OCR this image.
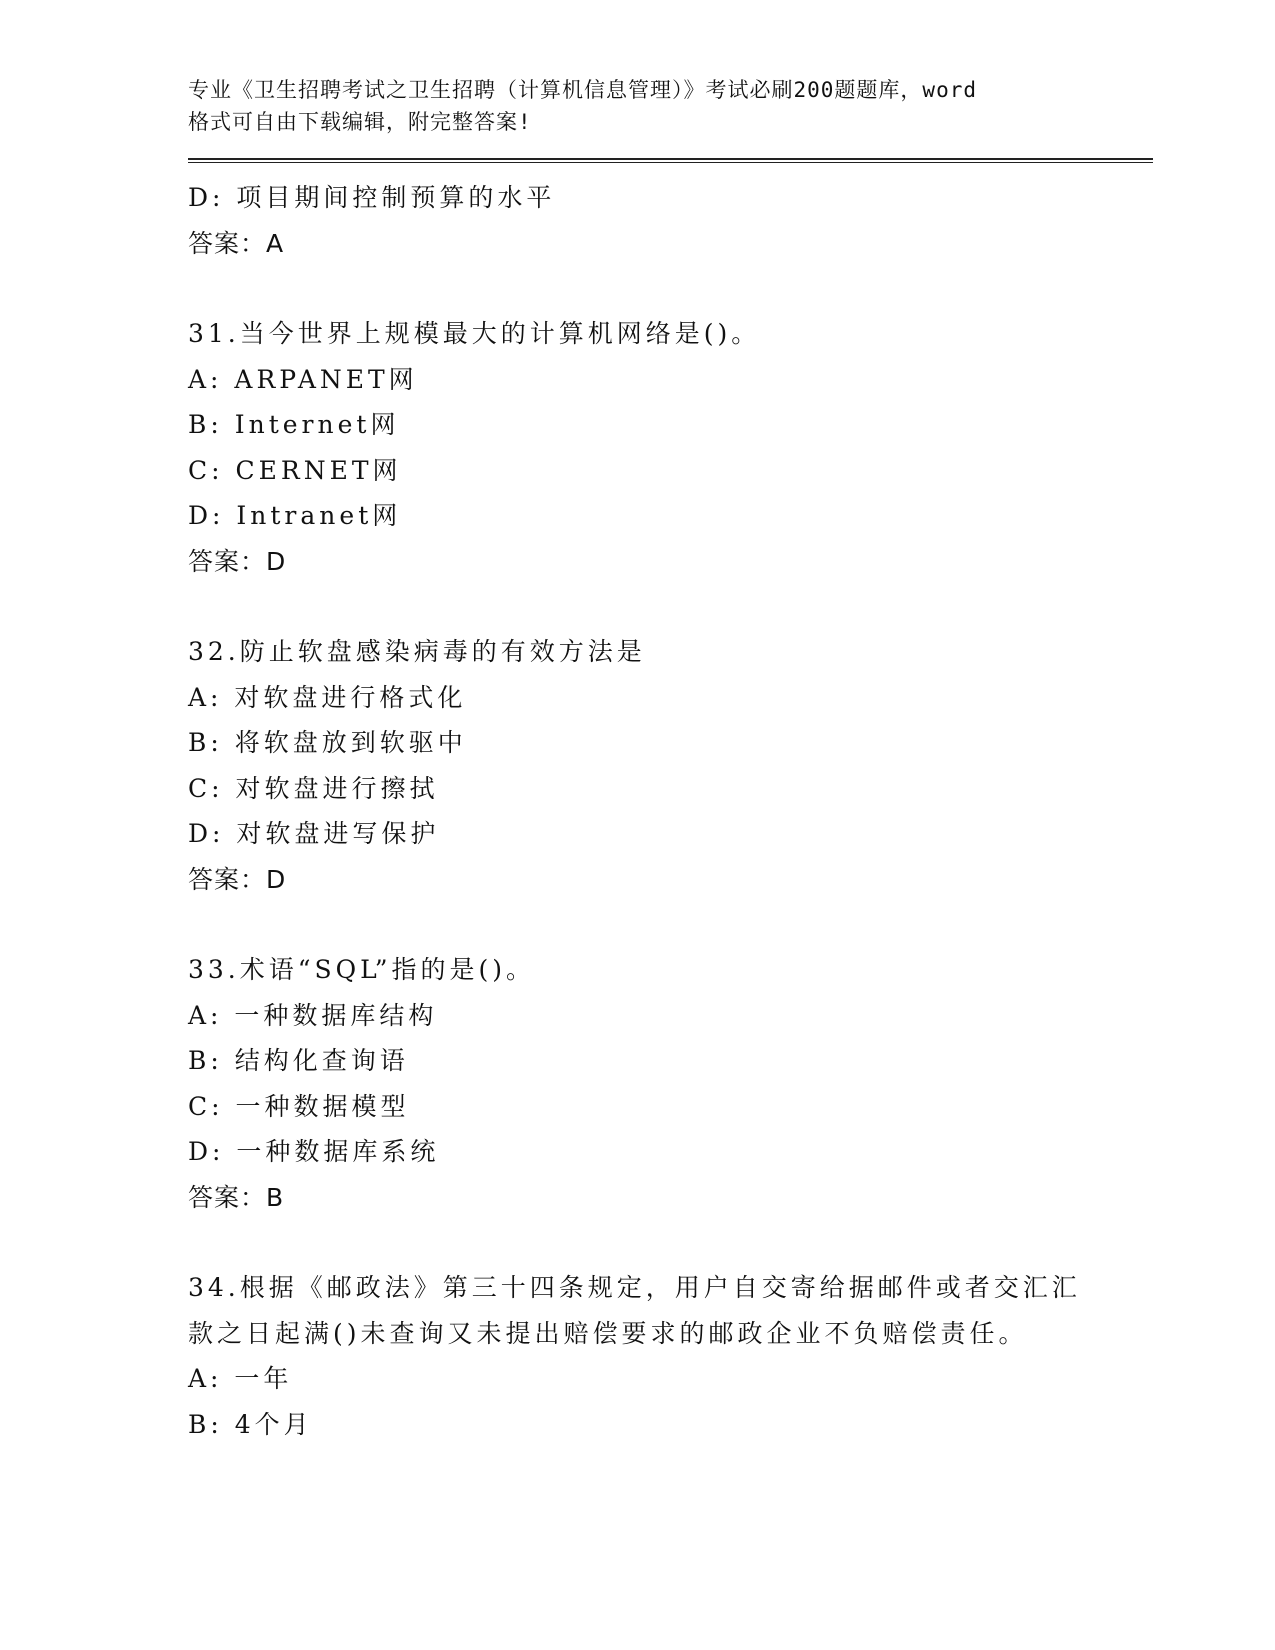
专业《卫生招聘考试之卫生招聘（计算机信息管理）》考试必刷200题题库，word
格式可自由下载编辑，附完整答案!
D: 项目期间控制预算的水平
答案：A
31.当今世界上规模最大的计算机网络是()。
A: ARPANET网
B: Internet网
C: CERNET网
D: Intranet网
答案：D
32.防止软盘感染病毒的有效方法是
A: 对软盘进行格式化
B: 将软盘放到软驱中
C: 对软盘进行擦拭
D: 对软盘进写保护
答案：D
33.术语“SQL”指的是()。
A: 一种数据库结构
B: 结构化查询语
C: 一种数据模型
D: 一种数据库系统
答案：B
34.根据《邮政法》第三十四条规定，用户自交寄给据邮件或者交汇汇
款之日起满()未查询又未提出赔偿要求的邮政企业不负赔偿责任。
A: 一年
B: 4个月
